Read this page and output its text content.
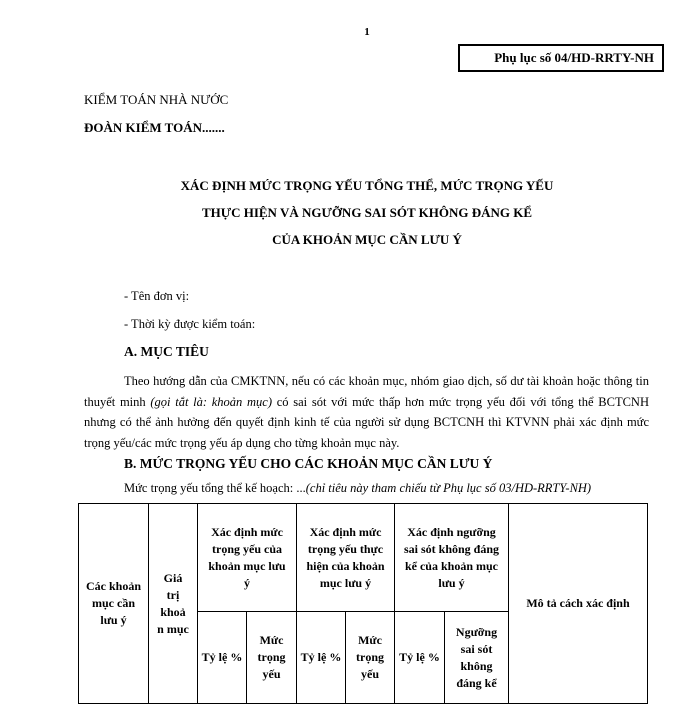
1
Phụ lục số 04/HD-RRTY-NH
KIỂM TOÁN NHÀ NƯỚC
ĐOÀN KIỂM TOÁN.......
XÁC ĐỊNH MỨC TRỌNG YẾU TỔNG THỂ, MỨC TRỌNG YẾU
THỰC HIỆN VÀ NGƯỠNG SAI SÓT KHÔNG ĐÁNG KỂ
CỦA KHOẢN MỤC CẦN LƯU Ý
- Tên đơn vị:
- Thời kỳ được kiểm toán:
A. MỤC TIÊU

Theo hướng dẫn của CMKTNN, nếu có các khoản mục, nhóm giao dịch, số dư tài khoản hoặc thông tin thuyết minh (gọi tắt là: khoản mục) có sai sót với mức thấp hơn mức trọng yếu đối với tổng thể BCTCNH nhưng có thể ảnh hưởng đến quyết định kinh tế của người sử dụng BCTCNH thì KTVNN phải xác định mức trọng yếu/các mức trọng yếu áp dụng cho từng khoản mục này.

B. MỨC TRỌNG YẾU CHO CÁC KHOẢN MỤC CẦN LƯU Ý
Mức trọng yếu tổng thể kế hoạch: ...(chỉ tiêu này tham chiếu từ Phụ lục số 03/HD-RRTY-NH)
Các khoản mục cần lưu ý	Giá trị khoả n mục	Xác định mức trọng yếu của khoản mục lưu ý		Xác định mức trọng yếu thực hiện của khoản mục lưu ý		Xác định ngưỡng sai sót không đáng kể của khoản mục lưu ý		Mô tả cách xác định
		Tỷ lệ %	Mức trọng yếu	Tỷ lệ %	Mức trọng yếu	Tỷ lệ %	Ngưỡng sai sót không đáng kể	
